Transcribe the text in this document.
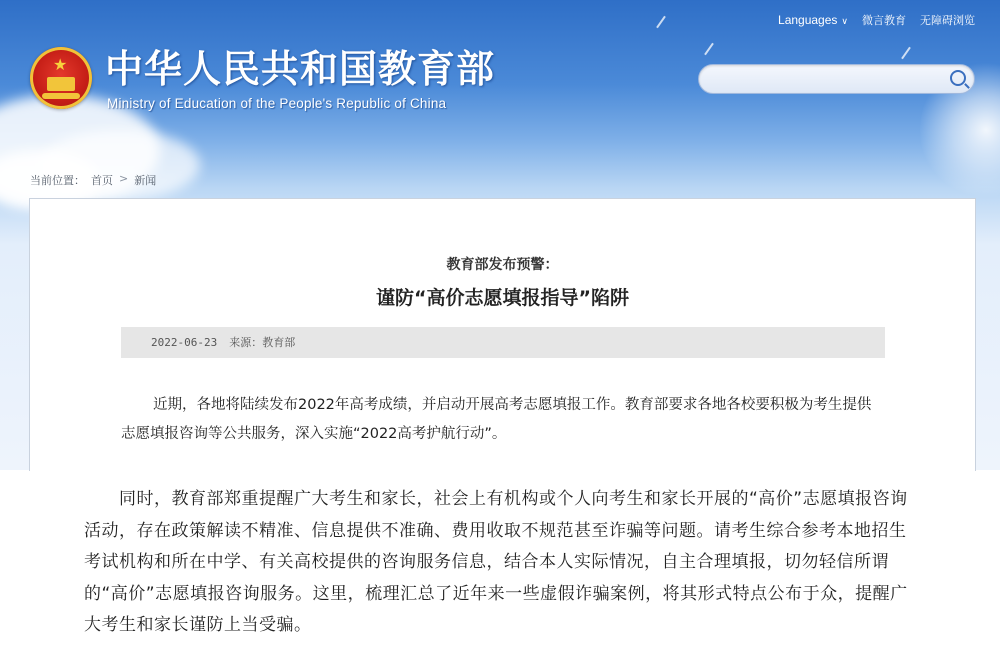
★ 中华人民共和国教育部
Ministry of Education of the People's Republic of China
Languages ∨ 微言教育 无障碍浏览
当前位置： 首页 > 新闻
教育部发布预警：
谨防“高价志愿填报指导”陷阱
2022-06-23 来源：教育部

近期，各地将陆续发布2022年高考成绩，并启动开展高考志愿填报工作。教育部要求各地各校要积极为考生提供志愿填报咨询等公共服务，深入实施“2022高考护航行动”。

同时，教育部郑重提醒广大考生和家长，社会上有机构或个人向考生和家长开展的“高价”志愿填报咨询活动，存在政策解读不精准、信息提供不准确、费用收取不规范甚至诈骗等问题。请考生综合参考本地招生考试机构和所在中学、有关高校提供的咨询服务信息，结合本人实际情况，自主合理填报，切勿轻信所谓的“高价”志愿填报咨询服务。这里，梳理汇总了近年来一些虚假诈骗案例，将其形式特点公布于众，提醒广大考生和家长谨防上当受骗。
